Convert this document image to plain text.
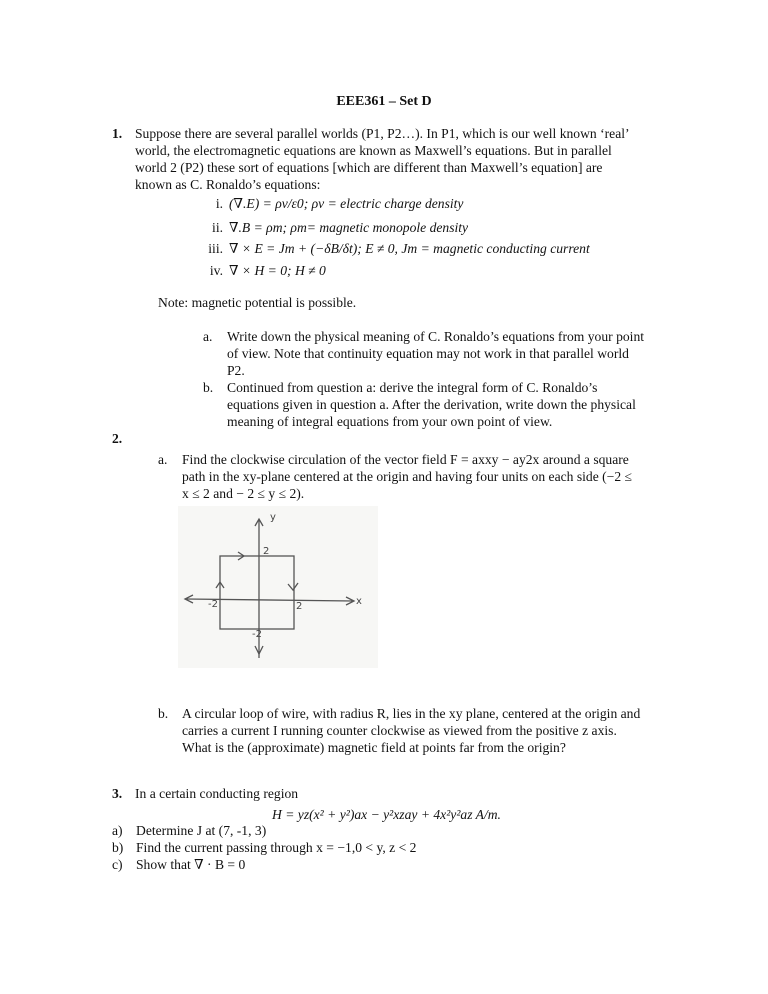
EEE361 – Set D
1. Suppose there are several parallel worlds (P1, P2…). In P1, which is our well known ‘real’
world, the electromagnetic equations are known as Maxwell’s equations. But in parallel
world 2 (P2) these sort of equations [which are different than Maxwell’s equation] are
known as C. Ronaldo’s equations:
i. (∇.E) = ρv/ε0; ρv = electric charge density
ii. ∇.B = ρm; ρm= magnetic monopole density
iii. ∇ × E = Jm + (−δB/δt); E ≠ 0, Jm = magnetic conducting current
iv. ∇ × H = 0; H ≠ 0
Note: magnetic potential is possible.
a. Write down the physical meaning of C. Ronaldo’s equations from your point
of view. Note that continuity equation may not work in that parallel world
P2.
b. Continued from question a: derive the integral form of C. Ronaldo’s
equations given in question a. After the derivation, write down the physical
meaning of integral equations from your own point of view.
2.
a. Find the clockwise circulation of the vector field F = axxy − ay2x around a square
path in the xy-plane centered at the origin and having four units on each side (−2 ≤
x ≤ 2 and − 2 ≤ y ≤ 2).
y
x
2
2
-2
-2
b. A circular loop of wire, with radius R, lies in the xy plane, centered at the origin and
carries a current I running counter clockwise as viewed from the positive z axis.
What is the (approximate) magnetic field at points far from the origin?
3. In a certain conducting region
H = yz(x² + y²)ax − y²xzay + 4x²y²az A/m.
a) Determine J at (7, -1, 3)
b) Find the current passing through x = −1,0 < y, z < 2
c) Show that ∇ · B = 0
